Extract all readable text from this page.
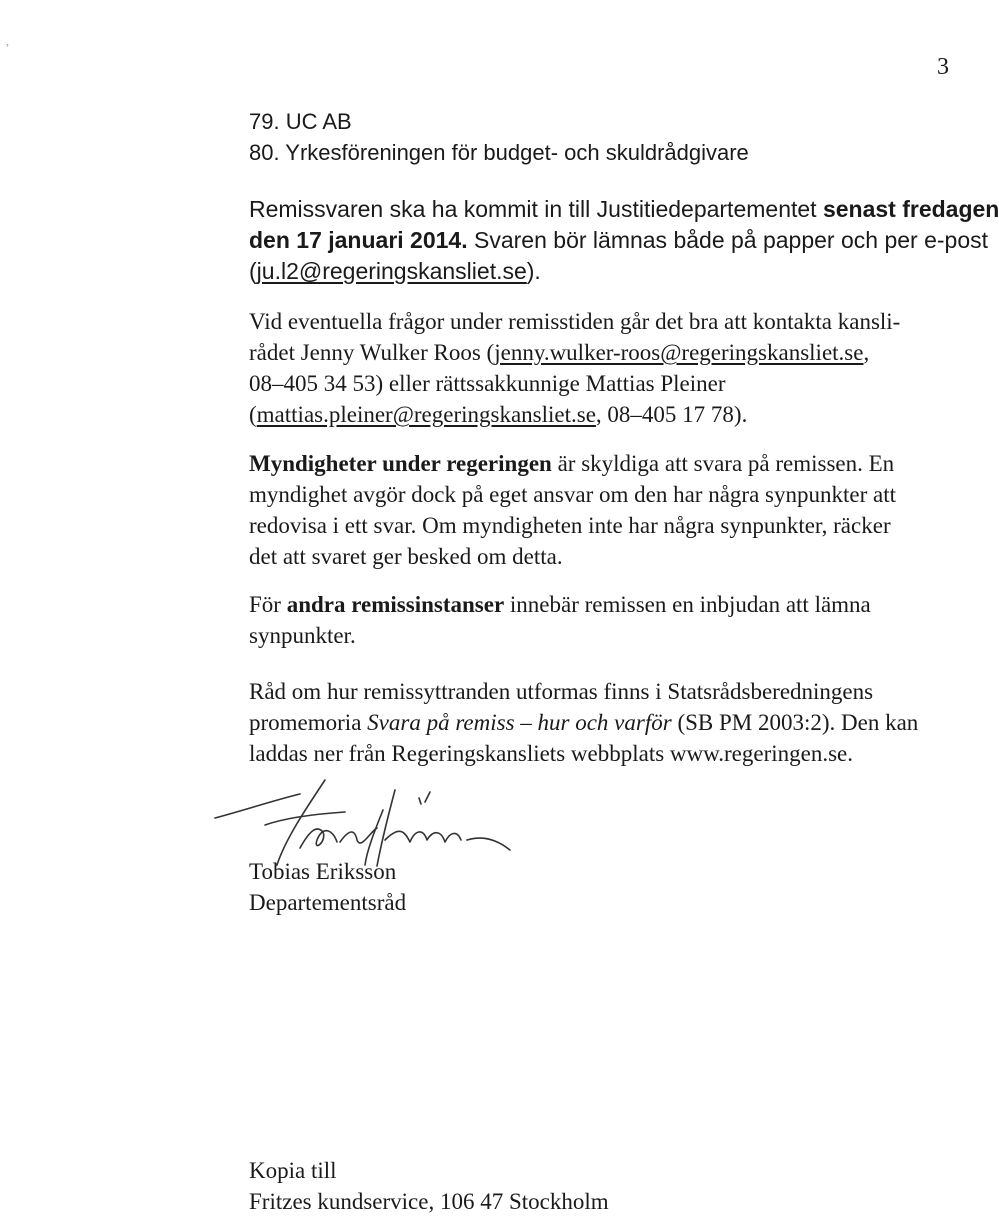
,
3
79. UC AB
80. Yrkesföreningen för budget- och skuldrådgivare
Remissvaren ska ha kommit in till Justitiedepartementet senast fredagen
den 17 januari 2014. Svaren bör lämnas både på papper och per e-post
(ju.l2@regeringskansliet.se).
Vid eventuella frågor under remisstiden går det bra att kontakta kansli-
rådet Jenny Wulker Roos (jenny.wulker-roos@regeringskansliet.se,
08–405 34 53) eller rättssakkunnige Mattias Pleiner
(mattias.pleiner@regeringskansliet.se, 08–405 17 78).
Myndigheter under regeringen är skyldiga att svara på remissen. En
myndighet avgör dock på eget ansvar om den har några synpunkter att
redovisa i ett svar. Om myndigheten inte har några synpunkter, räcker
det att svaret ger besked om detta.
För andra remissinstanser innebär remissen en inbjudan att lämna
synpunkter.
Råd om hur remissyttranden utformas finns i Statsrådsberedningens
promemoria Svara på remiss – hur och varför (SB PM 2003:2). Den kan
laddas ner från Regeringskansliets webbplats www.regeringen.se.
Tobias Eriksson
Departementsråd
Kopia till
Fritzes kundservice, 106 47 Stockholm
